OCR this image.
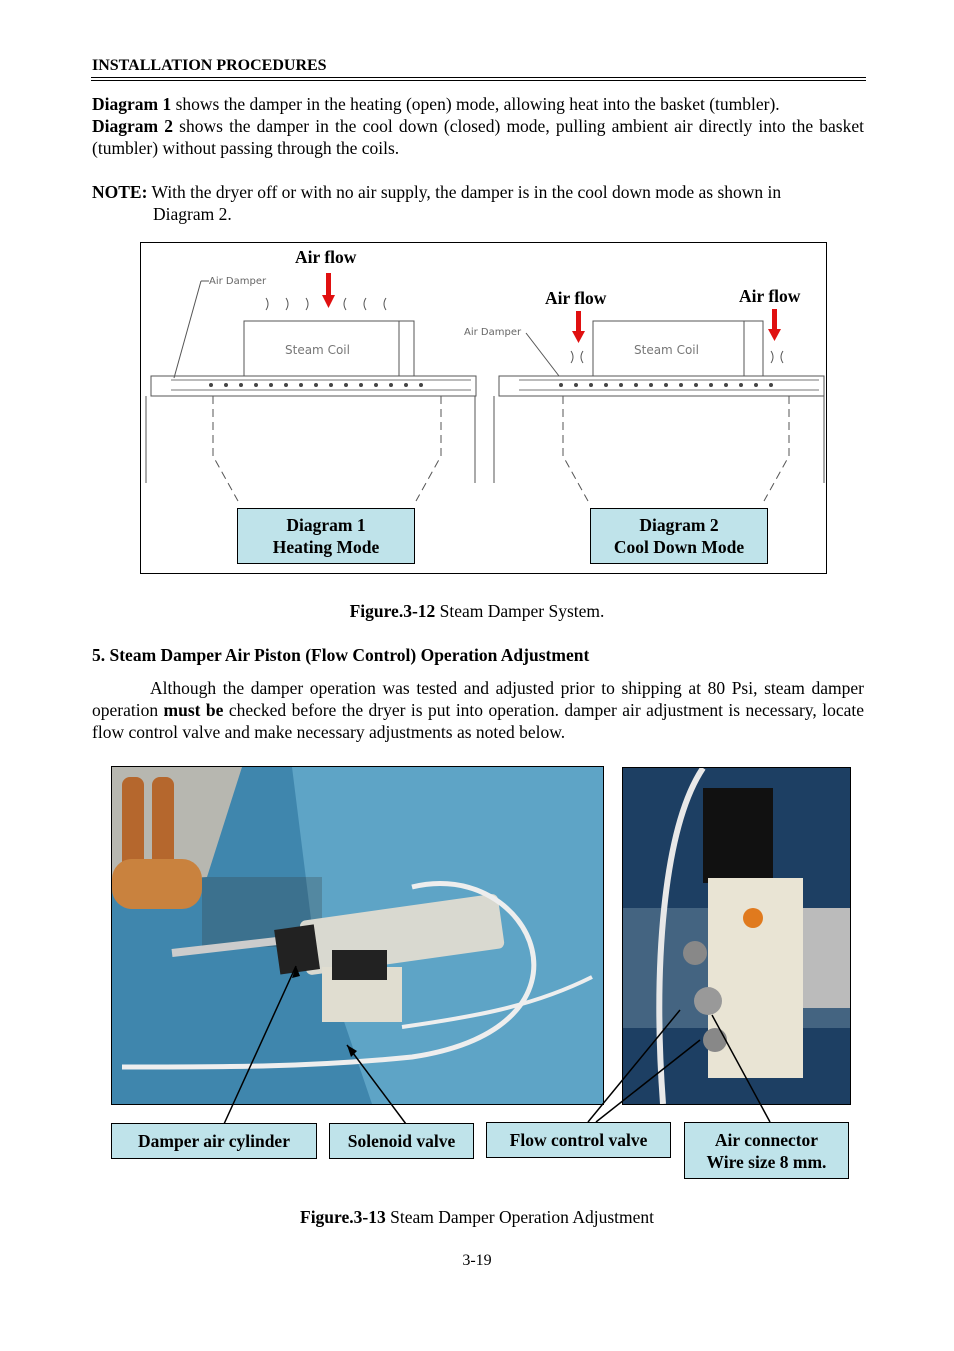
INSTALLATION PROCEDURES
Diagram 1 shows the damper in the heating (open) mode, allowing heat into the basket (tumbler).
Diagram 2 shows the damper in the cool down (closed) mode, pulling ambient air directly into the basket (tumbler) without passing through the coils.
NOTE: With the dryer off or with no air supply, the damper is in the cool down mode as shown in
Diagram 2.
Air flow
Air flow	Air flow
Air Damper
Air Damper
Steam Coil	Steam Coil
Diagram 1
Heating Mode
Diagram 2
Cool Down Mode
Figure.3-12 Steam Damper System.
5. Steam Damper Air Piston (Flow Control) Operation Adjustment
Although the damper operation was tested and adjusted prior to shipping at 80 Psi, steam damper operation must be checked before the dryer is put into operation. damper air adjustment is necessary, locate flow control valve and make necessary adjustments as noted below.
Damper air cylinder	Solenoid valve	Flow control valve	Air connector
Wire size 8 mm.
Figure.3-13 Steam Damper Operation Adjustment
3-19
